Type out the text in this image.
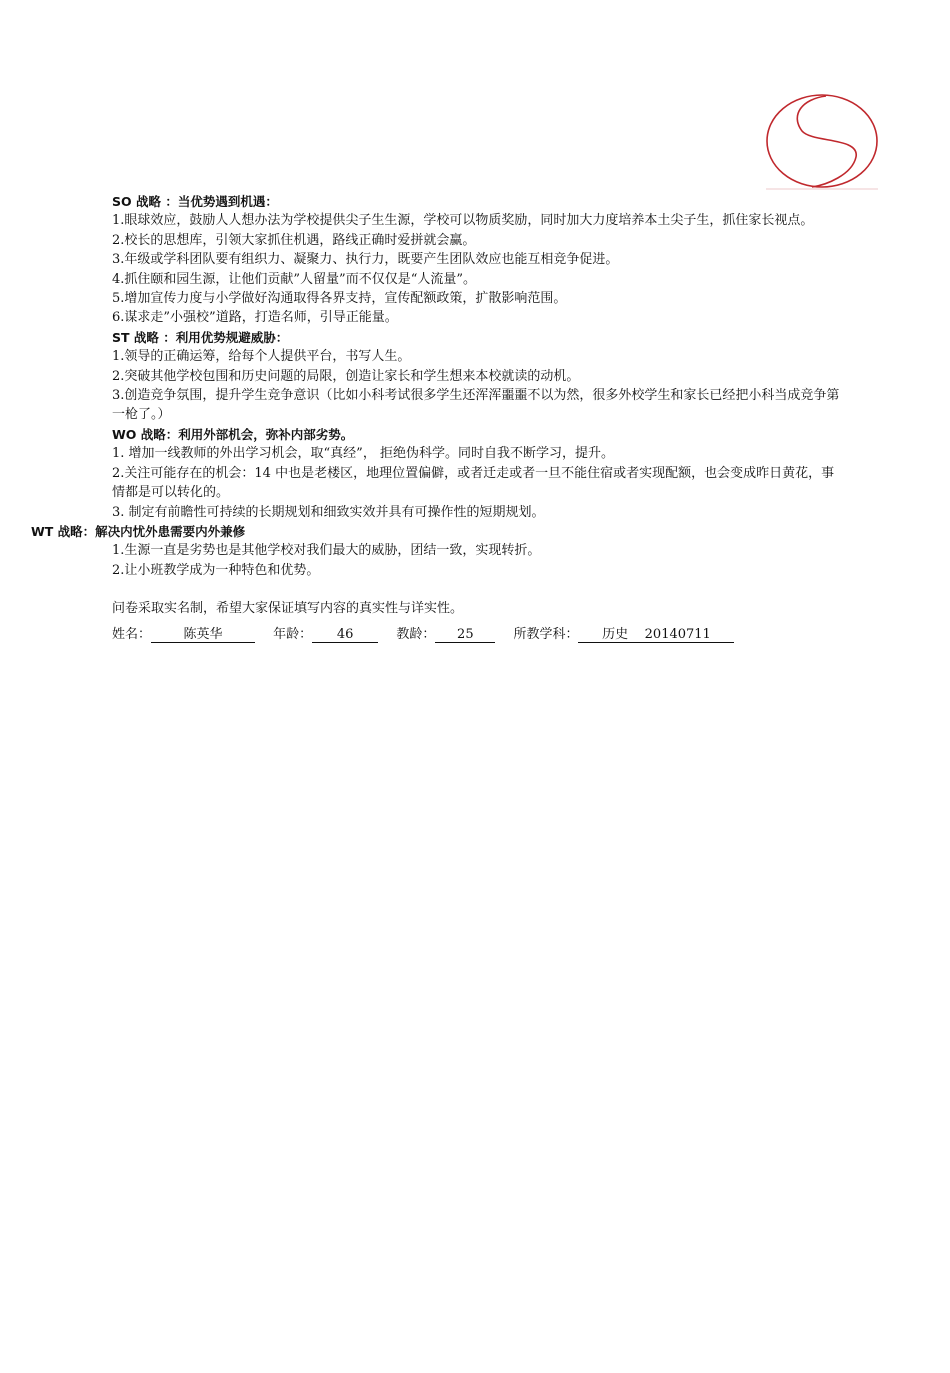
SO 战略 ：当优势遇到机遇：
1.眼球效应，鼓励人人想办法为学校提供尖子生生源，学校可以物质奖励，同时加大力度培养本土尖子生，抓住家长视点。
2.校长的思想库，引领大家抓住机遇，路线正确时爱拼就会赢。
3.年级或学科团队要有组织力、凝聚力、执行力，既要产生团队效应也能互相竞争促进。
4.抓住颐和园生源，让他们贡献”人留量”而不仅仅是“人流量”。
5.增加宣传力度与小学做好沟通取得各界支持，宣传配额政策，扩散影响范围。
6.谋求走”小强校”道路，打造名师，引导正能量。
ST 战略 ：利用优势规避威胁：
1.领导的正确运筹，给每个人提供平台，书写人生。
2.突破其他学校包围和历史问题的局限，创造让家长和学生想来本校就读的动机。
3.创造竞争氛围，提升学生竞争意识（比如小科考试很多学生还浑浑噩噩不以为然，很多外校学生和家长已经把小科当成竞争第一枪了。）
WO 战略：利用外部机会，弥补内部劣势。
1. 增加一线教师的外出学习机会，取“真经”， 拒绝伪科学。同时自我不断学习，提升。
2.关注可能存在的机会：14 中也是老楼区，地理位置偏僻，或者迁走或者一旦不能住宿或者实现配额，也会变成昨日黄花，事情都是可以转化的。
3. 制定有前瞻性可持续的长期规划和细致实效并具有可操作性的短期规划。
WT 战略：解决内忧外患需要内外兼修
1.生源一直是劣势也是其他学校对我们最大的威胁，团结一致，实现转折。
2.让小班教学成为一种特色和优势。
问卷采取实名制，希望大家保证填写内容的真实性与详实性。
姓名： 陈英华	年龄： 46	教龄： 25	所教学科： 历史    20140711
